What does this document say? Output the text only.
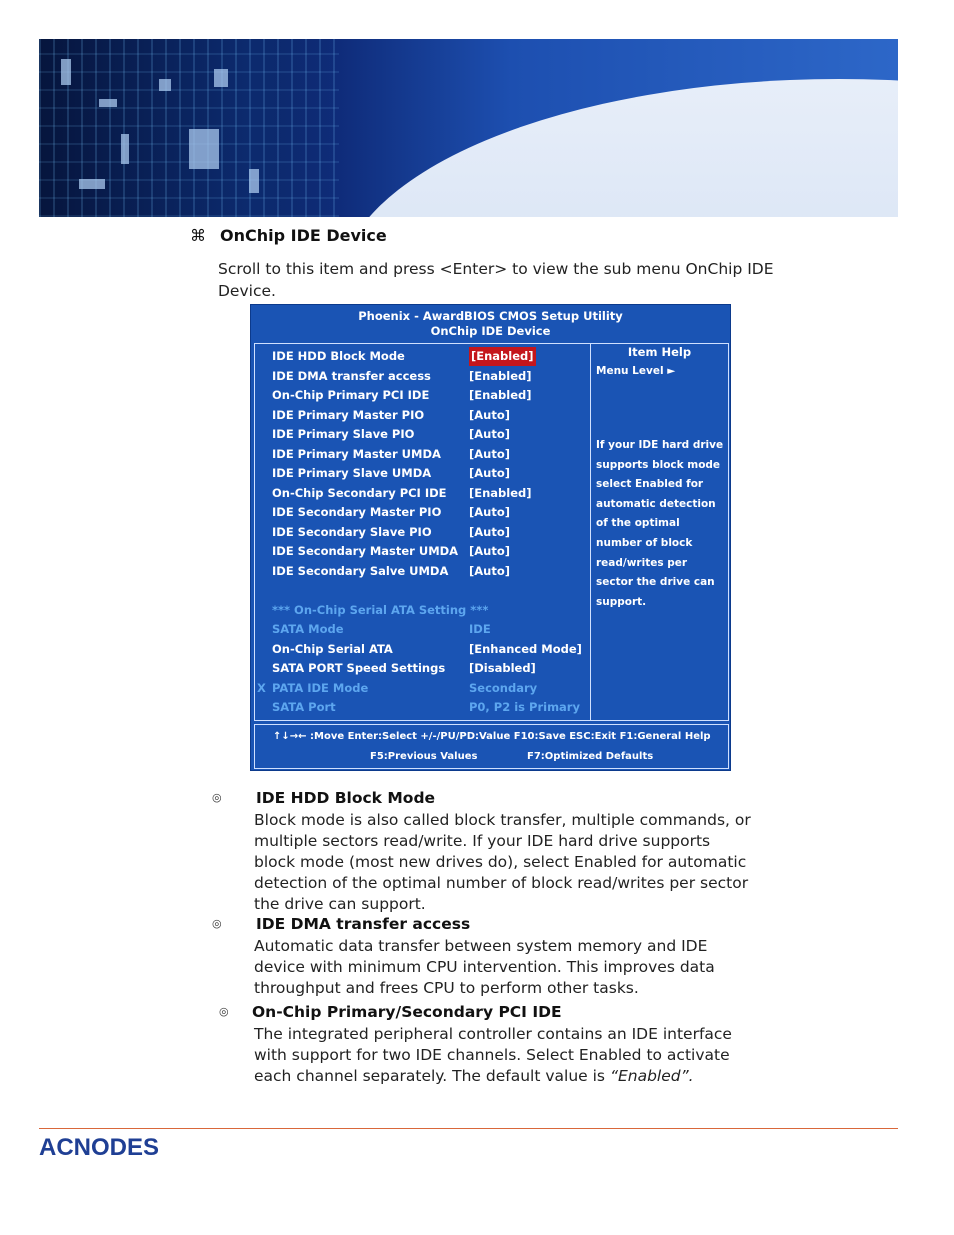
⌘ OnChip IDE Device
Scroll to this item and press <Enter> to view the sub menu OnChip IDE Device.
Phoenix - AwardBIOS CMOS Setup Utility
OnChip IDE Device
IDE HDD Block Mode	[Enabled]
IDE DMA transfer access	[Enabled]
On-Chip Primary PCI IDE	[Enabled]
IDE Primary Master PIO	[Auto]
IDE Primary Slave PIO	[Auto]
IDE Primary Master UMDA [Auto]
IDE Primary Slave UMDA	[Auto]
On-Chip Secondary PCI IDE [Enabled]
IDE Secondary Master PIO [Auto]
IDE Secondary Slave PIO	[Auto]
IDE Secondary Master UMDA [Auto]
IDE Secondary Salve UMDA [Auto]
*** On-Chip Serial ATA Setting ***
SATA Mode	IDE
On-Chip Serial ATA	[Enhanced Mode]
SATA PORT Speed Settings [Disabled]
X PATA IDE Mode	Secondary
SATA Port	P0, P2 is Primary
Item Help
Menu Level ►
If your IDE hard drive supports block mode select Enabled for automatic detection of the optimal number of block read/writes per sector the drive can support.
↑↓→← :Move Enter:Select +/-/PU/PD:Value F10:Save ESC:Exit F1:General Help
F5:Previous Values	F7:Optimized Defaults
◎ IDE HDD Block Mode
Block mode is also called block transfer, multiple commands, or multiple sectors read/write. If your IDE hard drive supports block mode (most new drives do), select Enabled for automatic detection of the optimal number of block read/writes per sector the drive can support.
◎ IDE DMA transfer access
Automatic data transfer between system memory and IDE device with minimum CPU intervention. This improves data throughput and frees CPU to perform other tasks.
◎ On-Chip Primary/Secondary PCI IDE
The integrated peripheral controller contains an IDE interface with support for two IDE channels. Select Enabled to activate each channel separately. The default value is “Enabled”.
ACNODES
